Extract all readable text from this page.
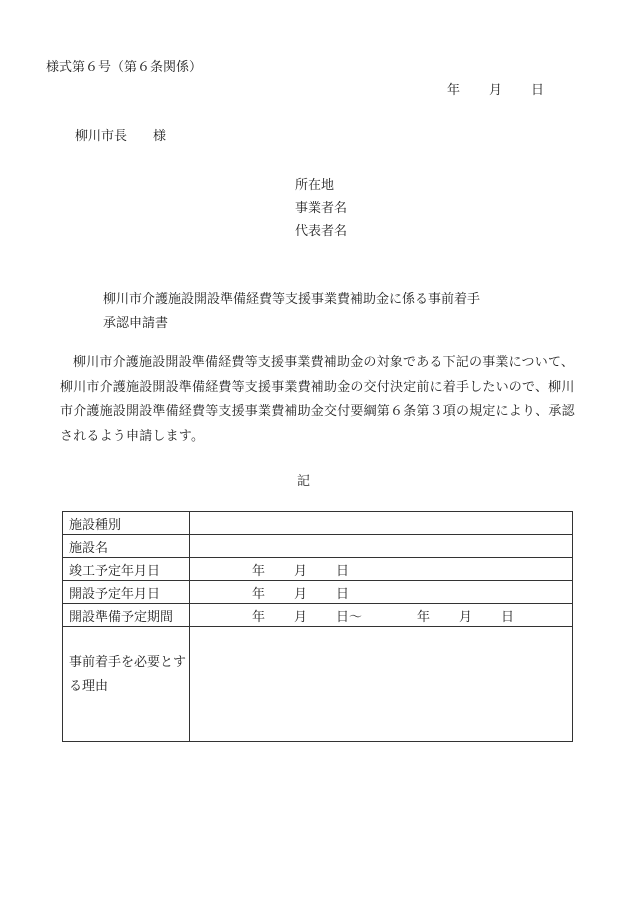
様式第６号（第６条関係）
年 月 日
柳川市長　　様
所在地
事業者名
代表者名
柳川市介護施設開設準備経費等支援事業費補助金に係る事前着手
承認申請書

柳川市介護施設開設準備経費等支援事業費補助金の対象である下記の事業について、柳川市介護施設開設準備経費等支援事業費補助金の交付決定前に着手したいので、柳川市介護施設開設準備経費等支援事業費補助金交付要綱第６条第３項の規定により、承認されるよう申請します。

記
施設種別	
施設名	
竣工予定年月日	年 月 日
開設予定年月日	年 月 日
開設準備予定期間	年 月 日～ 年 月 日
事前着手を必要とする理由	
